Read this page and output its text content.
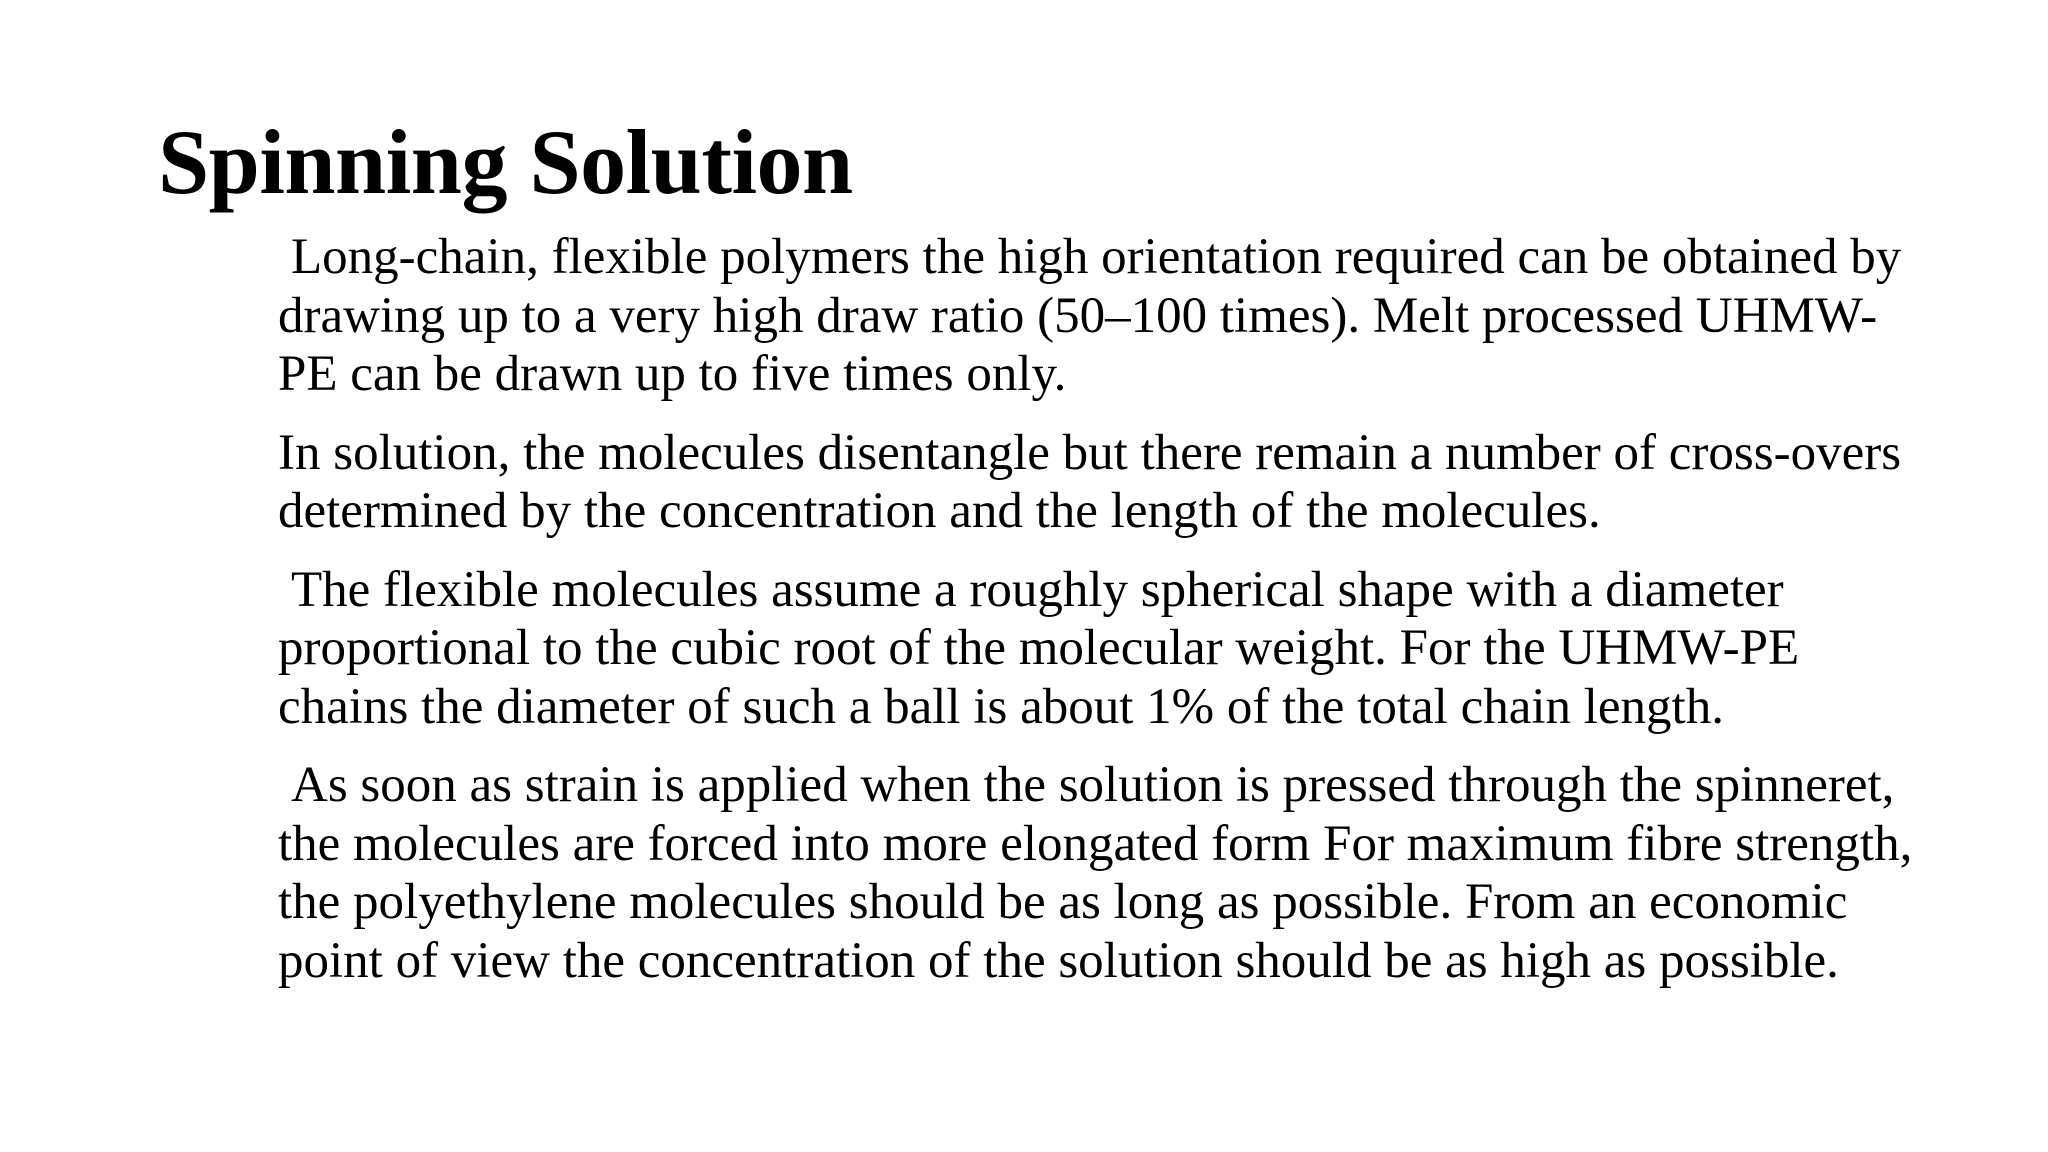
Spinning Solution

Long-chain, flexible polymers the high orientation required can be obtained by
drawing up to a very high draw ratio (50–100 times). Melt processed UHMW-
PE can be drawn up to five times only.

In solution, the molecules disentangle but there remain a number of cross-overs
determined by the concentration and the length of the molecules.

The flexible molecules assume a roughly spherical shape with a diameter
proportional to the cubic root of the molecular weight. For the UHMW-PE
chains the diameter of such a ball is about 1% of the total chain length.

As soon as strain is applied when the solution is pressed through the spinneret,
the molecules are forced into more elongated form For maximum fibre strength,
the polyethylene molecules should be as long as possible. From an economic
point of view the concentration of the solution should be as high as possible.
